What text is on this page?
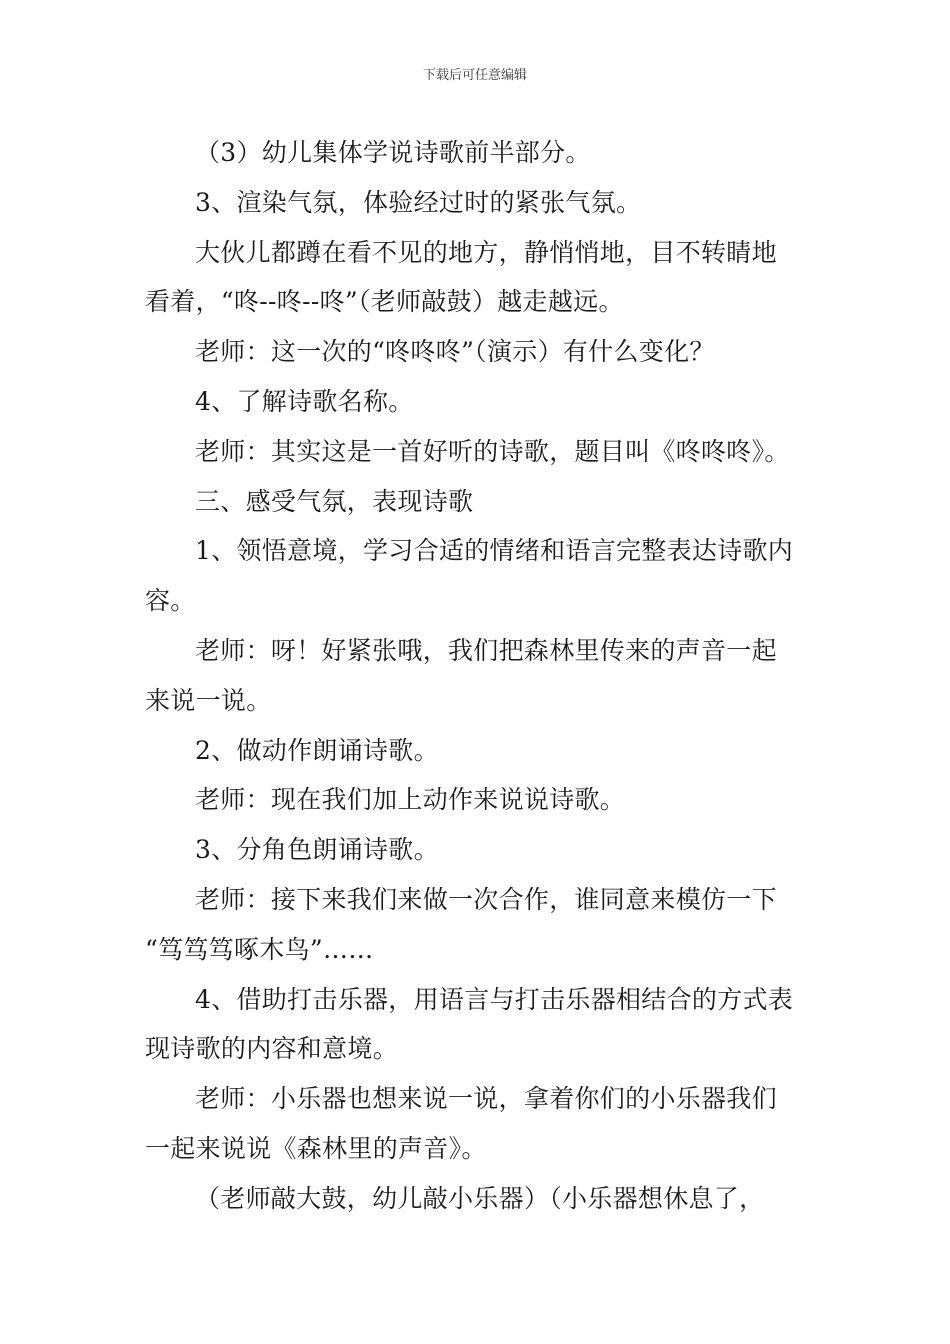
下载后可任意编辑
（3）幼儿集体学说诗歌前半部分。
3、渲染气氛，体验经过时的紧张气氛。
大伙儿都蹲在看不见的地方，静悄悄地，目不转睛地
看着，“咚--咚--咚”（老师敲鼓）越走越远。
老师：这一次的“咚咚咚”（演示）有什么变化？
4、了解诗歌名称。
老师：其实这是一首好听的诗歌，题目叫《咚咚咚》。
三、感受气氛，表现诗歌
1、领悟意境，学习合适的情绪和语言完整表达诗歌内
容。
老师：呀！好紧张哦，我们把森林里传来的声音一起
来说一说。
2、做动作朗诵诗歌。
老师：现在我们加上动作来说说诗歌。
3、分角色朗诵诗歌。
老师：接下来我们来做一次合作，谁同意来模仿一下
“笃笃笃啄木鸟”……
4、借助打击乐器，用语言与打击乐器相结合的方式表
现诗歌的内容和意境。
老师：小乐器也想来说一说，拿着你们的小乐器我们
一起来说说《森林里的声音》。
（老师敲大鼓，幼儿敲小乐器）（小乐器想休息了，
